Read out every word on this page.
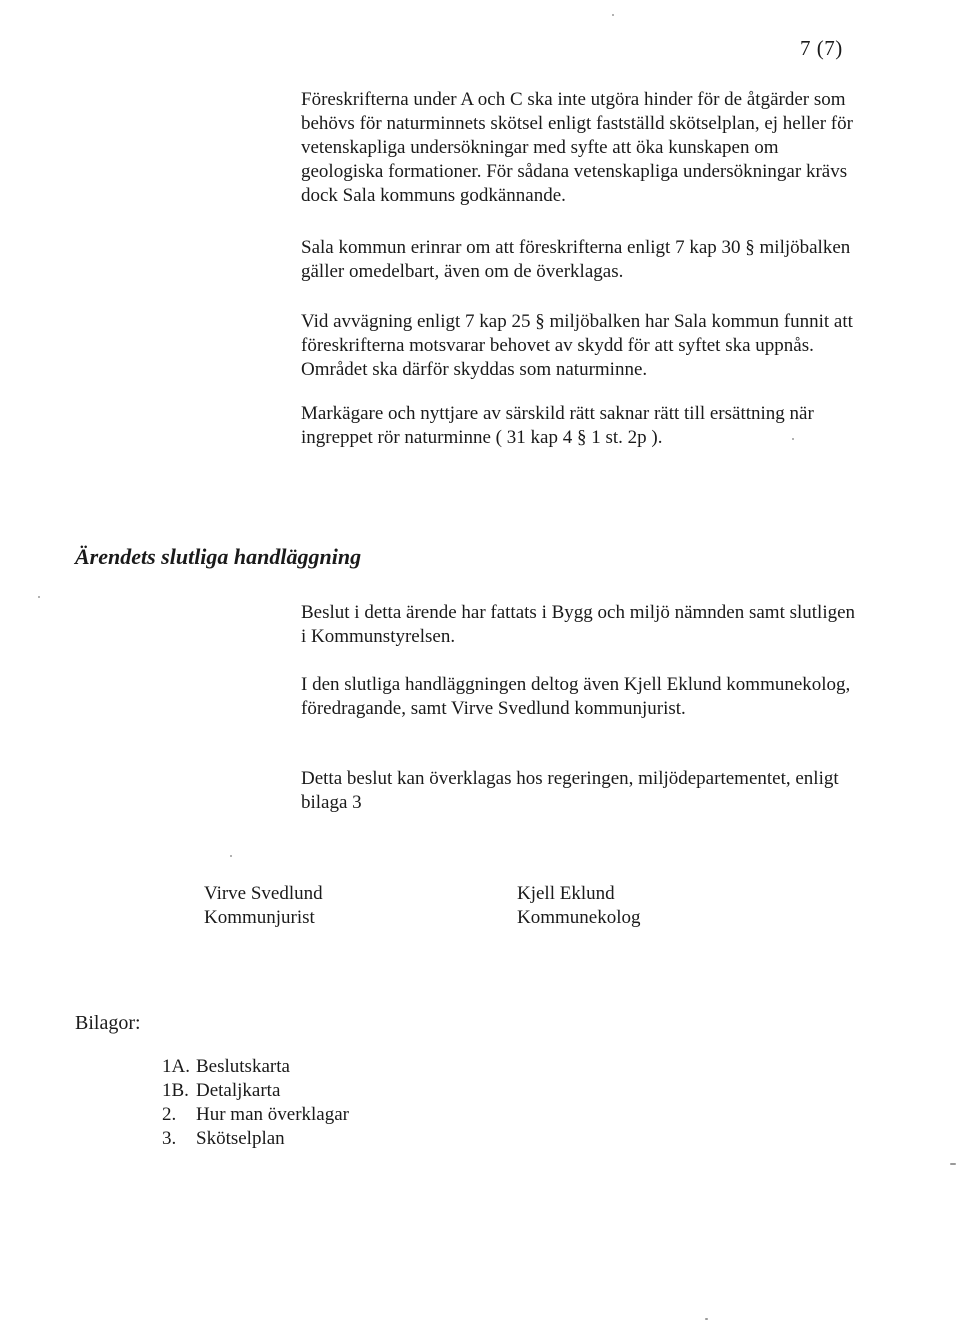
7 (7)

Föreskrifterna under A och C ska inte utgöra hinder för de åtgärder som behövs för naturminnets skötsel enligt fastställd skötselplan, ej heller för vetenskapliga undersökningar med syfte att öka kunskapen om geologiska formationer. För sådana vetenskapliga undersökningar krävs dock Sala kommuns godkännande.

Sala kommun erinrar om att föreskrifterna enligt 7 kap 30 § miljöbalken gäller omedelbart, även om de överklagas.

Vid avvägning enligt 7 kap 25 § miljöbalken har Sala kommun funnit att föreskrifterna motsvarar behovet av skydd för att syftet ska uppnås. Området ska därför skyddas som naturminne.

Markägare och nyttjare av särskild rätt saknar rätt till ersättning när ingreppet rör naturminne ( 31 kap 4 § 1 st. 2p ).

Ärendets slutliga handläggning

Beslut i detta ärende har fattats i Bygg och miljö nämnden samt slutligen i Kommunstyrelsen.

I den slutliga handläggningen deltog även Kjell Eklund kommunekolog, föredragande, samt Virve Svedlund kommunjurist.

Detta beslut kan överklagas hos regeringen, miljödepartementet, enligt bilaga 3

Virve Svedlund
Kommunjurist
Kjell Eklund
Kommunekolog
Bilagor:
1A. Beslutskarta
1B. Detaljkarta
2. Hur man överklagar
3. Skötselplan
